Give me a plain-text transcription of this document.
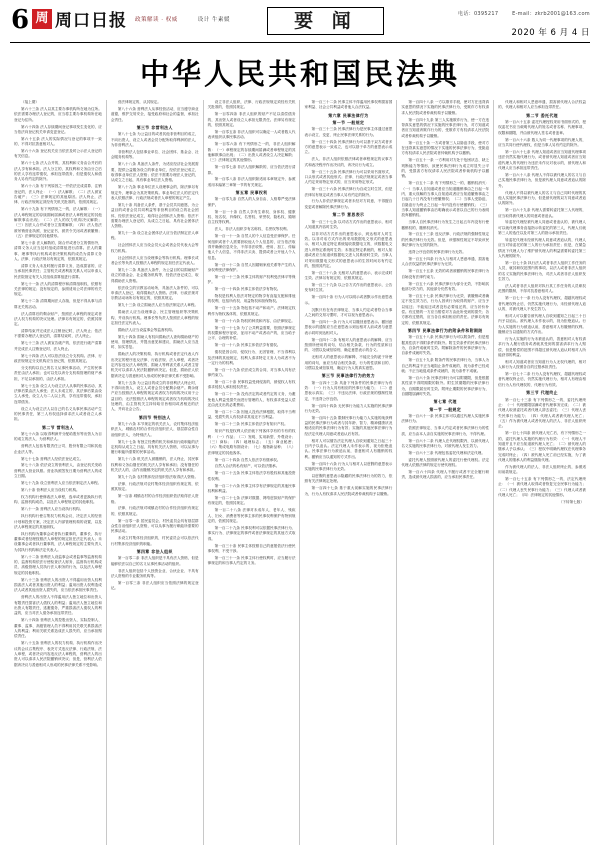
6 周 周口日报 政策解读 · 权威	设计 牛素媛	要 闻	电话：0395217	E-mail：zkrb2001@163.com
2020 年 6 月 4 日
中华人民共和国民法典
（接上期）
第六十三条 法人以其主要办事机构所在地为住所。依法需要办理法人登记的，应当将主要办事机构所在地登记为住所。
第六十四条 法人存续期间登记事项发生变化的，应当依法向登记机关申请变更登记。
第六十五条 法人的实际情况与登记的事项不一致的，不得对抗善意相对人。
第六十六条 登记机关应当依法及时公示法人登记的有关信息。
第六十七条 法人合并的，其权利和义务由合并后的法人享有和承担。法人分立的，其权利和义务由分立后的法人享有连带债权，承担连带债务，但是债权人和债务人另有约定的除外。
第六十八条 有下列原因之一并依法完成清算、注销登记的，法人终止：（一）法人解散；（二）法人被宣告破产；（三）法律规定的其他原因。法人终止，法律、行政法规规定须经有关机关批准的，依照其规定。
第六十九条 有下列情形之一的，法人解散：（一）法人章程规定的存续期间届满或者法人章程规定的其他解散事由出现；（二）法人的权力机构决议解散；（三）因法人合并或者分立需要解散；（四）法人依法被吊销营业执照、登记证书，被责令关闭或者被撤销；（五）法律规定的其他情形。
第七十条 法人解散的，除合并或者分立的情形外，清算义务人应当及时组成清算组进行清算。法人的董事、理事等执行机构或者决策机构的成员为清算义务人。法律、行政法规另有规定的，依照其规定。
清算义务人未及时履行清算义务，造成损害的，应当承担民事责任；主管机关或者利害关系人可以申请人民法院指定有关人员组成清算组进行清算。
第七十一条 法人的清算程序和清算组职权，依照有关法律的规定；没有规定的，参照适用公司法律的有关规定。
第七十二条 清算期间法人存续，但是不得从事与清算无关的活动。
法人清算后的剩余财产，按照法人章程的规定或者法人权力机构的决议处理。法律另有规定的，依照其规定。
清算结束并完成法人注销登记时，法人终止；依法不需要办理法人登记的，清算结束时，法人终止。
第七十三条 法人被宣告破产的，依法进行破产清算并完成法人注销登记时，法人终止。
第七十四条 法人可以依法设立分支机构。法律、行政法规规定分支机构应当登记的，依照其规定。
分支机构以自己的名义从事民事活动，产生的民事责任由法人承担；也可以先以该分支机构管理的财产承担，不足以承担的，由法人承担。
第七十五条 设立人为设立法人从事的民事活动，其法律后果由法人承受；法人未成立的，其法律后果由设立人承受，设立人为二人以上的，享有连带债权，承担连带债务。
设立人为设立法人以自己的名义从事民事活动产生的民事责任，第三人有权选择请求法人或者设立人承担。
第二节 营利法人
第七十六条 以取得利润并分配给股东等出资人为目的成立的法人，为营利法人。
营利法人包括有限责任公司、股份有限公司和其他企业法人等。
第七十七条 营利法人经依法登记成立。
第七十八条 依法设立的营利法人，由登记机关发给营利法人营业执照。营业执照签发日期为营利法人的成立日期。
第七十九条 设立营利法人应当依法制定法人章程。
第八十条 营利法人应当设权力机构。
权力机构行使修改法人章程，选举或者更换执行机构、监督机构成员，以及法人章程规定的其他职权。
第八十一条 营利法人应当设执行机构。
执行机构行使召集权力机构会议，决定法人的经营计划和投资方案，决定法人内部管理机构的设置，以及法人章程规定的其他职权。
执行机构为董事会或者执行董事的，董事长、执行董事或者经理按照法人章程的规定担任法定代表人；未设董事会或者执行董事的，法人章程规定的主要负责人为其执行机构和法定代表人。
第八十二条 营利法人设监事会或者监事等监督机构的，监督机构依法行使检查法人财务，监督执行机构成员、高级管理人员执行法人职务的行为，以及法人章程规定的其他职权。
第八十三条 营利法人的出资人不得滥用出资人权利损害法人或者其他出资人的利益；滥用出资人权利造成法人或者其他出资人损失的，应当依法承担民事责任。
营利法人的出资人不得滥用法人独立地位和出资人有限责任损害法人债权人的利益；滥用法人独立地位和出资人有限责任，逃避债务，严重损害法人债权人的利益的，应当对法人债务承担连带责任。
第八十四条 营利法人的控股出资人、实际控制人、董事、监事、高级管理人员不得利用其关联关系损害法人的利益；利用关联关系造成法人损失的，应当承担赔偿责任。
第八十五条 营利法人的权力机构、执行机构作出决议的会议召集程序、表决方式违反法律、行政法规、法人章程，或者决议内容违反法人章程的，营利法人的出资人可以请求人民法院撤销该决议；但是，营利法人依据该决议与善意相对人形成的民事法律关系不受影响。
营法律规定的，从其规定。
第八十六条 营利法人从事经营活动，应当遵守商业道德，维护交易安全，接受政府和社会的监督，承担社会责任。
第三节 非营利法人
第八十七条 为公益目的或者其他非营利目的成立，不向出资人、设立人或者会员分配所取得利润的法人，为非营利法人。
非营利法人包括事业单位、社会团体、基金会、社会服务机构等。
第八十八条 具备法人条件，为适应经济社会发展需要，提供公益服务设立的事业单位，经依法登记成立，取得事业单位法人资格；依法不需要办理法人登记的，从成立之日起，具有事业单位法人资格。
第八十九条 事业单位法人设理事会的，除法律另有规定外，理事会为其决策机构。事业单位法人的法定代表人依照法律、行政法规或者法人章程的规定产生。
第九十条 具备法人条件，基于会员共同意愿，为公益目的或者会员共同利益等非营利目的设立的社会团体，经依法登记成立，取得社会团体法人资格；依法不需要办理法人登记的，从成立之日起，具有社会团体法人资格。
第九十一条 设立社会团体法人应当依法制定法人章程。
社会团体法人应当设会员大会或者会员代表大会等权力机构。
社会团体法人应当设理事会等执行机构。理事长或者会长等负责人按照法人章程的规定担任法定代表人。
第九十二条 具备法人条件，为公益目的以捐助财产设立的基金会、社会服务机构等，经依法登记成立，取得捐助法人资格。
依法设立的宗教活动场所，具备法人条件的，可以申请法人登记，取得捐助法人资格。法律、行政法规对宗教活动场所另有规定的，依照其规定。
第九十三条 设立捐助法人应当依法制定法人章程。
捐助法人应当设理事会、民主管理组织等决策机构，并设执行机构。理事长等负责人按照法人章程的规定担任法定代表人。
捐助法人应当设监事会等监督机构。
第九十四条 捐助人有权向捐助法人查询捐助财产的使用、管理情况，并提出意见和建议，捐助法人应当及时、如实答复。
捐助法人的决策机构、执行机构或者法定代表人作出决定的程序违反法律、行政法规、法人章程，或者决定内容违反法人章程的，捐助人等利害关系人或者主管机关可以请求人民法院撤销该决定。但是，捐助法人依据该决定与善意相对人形成的民事法律关系不受影响。
第九十五条 为公益目的成立的非营利法人终止时，不得向出资人、设立人或者会员分配剩余财产。剩余财产应当按照法人章程的规定或者权力机构的决议用于公益目的；无法按照法人章程的规定或者权力机构的决议处理的，由主管机关主持转给宗旨相同或者相近的法人，并向社会公告。
第四节 特别法人
第九十六条 本节规定的机关法人、农村集体经济组织法人、城镇农村的合作经济组织法人、基层群众性自治组织法人，为特别法人。
第九十七条 有独立经费的机关和承担行政职能的法定机构从成立之日起，具有机关法人资格，可以从事为履行职能所需要的民事活动。
第九十八条 机关法人被撤销的，法人终止，其民事权利和义务由继任的机关法人享有和承担；没有继任的机关法人的，由作出撤销决定的机关法人享有和承担。
第九十九条 农村集体经济组织依法取得法人资格。
法律、行政法规对农村集体经济组织有规定的，依照其规定。
第一百条 城镇农村的合作经济组织依法取得法人资格。
法律、行政法规对城镇农村的合作经济组织有规定的，依照其规定。
第一百零一条 居民委员会、村民委员会具有基层群众性自治组织法人资格，可以从事为履行职能所需要的民事活动。
未设立村集体经济组织的，村民委员会可以依法代行村集体经济组织的职能。
第四章 非法人组织
第一百零二条 非法人组织是不具有法人资格，但是能够依法以自己的名义从事民事活动的组织。
非法人组织包括个人独资企业、合伙企业、不具有法人资格的专业服务机构等。
第一百零三条 非法人组织应当依照法律的规定登记。
设立非法人组织，法律、行政法规规定须经有关机关批准的，依照其规定。
第一百零四条 非法人组织的财产不足以清偿债务的，其出资人或者设立人承担无限责任。法律另有规定的，依照其规定。
第一百零五条 非法人组织可以确定一人或者数人代表该组织从事民事活动。
第一百零六条 有下列情形之一的，非法人组织解散：（一）章程规定的存续期间届满或者章程规定的其他解散事由出现；（二）出资人或者设立人决定解散；（三）法律规定的其他情形。
第一百零七条 非法人组织解散的，应当依法进行清算。
第一百零八条 非法人组织除适用本章规定外，参照适用本编第三章第一节的有关规定。
第五章 民事权利
第一百零九条 自然人的人身自由、人格尊严受法律保护。
第一百一十条 自然人享有生命权、身体权、健康权、姓名权、肖像权、名誉权、荣誉权、隐私权、婚姻自主权等权利。
法人、非法人组织享有名称权、名誉权等权利。
第一百一十一条 自然人的个人信息受法律保护。任何组织或者个人需要获取他人个人信息的，应当依法取得并确保信息安全，不得非法收集、使用、加工、传输他人个人信息，不得非法买卖、提供或者公开他人个人信息。
第一百一十二条 自然人因婚姻家庭关系等产生的人身权利受法律保护。
第一百一十三条 民事主体的财产权利受法律平等保护。
第一百一十四条 民事主体依法享有物权。
物权是权利人依法对特定的物享有直接支配和排他的权利，包括所有权、用益物权和担保物权。
第一百一十五条 物包括不动产和动产。法律规定权利作为物权客体的，依照其规定。
第一百一十六条 物权的种类和内容，由法律规定。
第一百一十七条 为了公共利益需要，依照法律规定的权限和程序征收、征用不动产或者动产的，应当给予公平、合理的补偿。
第一百一十八条 民事主体依法享有债权。
债权是因合同、侵权行为、无因管理、不当得利以及法律的其他规定，权利人请求特定义务人为或者不为一定行为的权利。
第一百一十九条 依法成立的合同，对当事人具有法律约束力。
第一百二十条 民事权益受到侵害的，被侵权人有权请求侵权人承担侵权责任。
第一百二十一条 没有法定的或者约定的义务，为避免他人利益受损失而进行管理的人，有权请求受益人偿还由此支出的必要费用。
第一百二十二条 因他人没有法律根据，取得不当利益，受损失的人有权请求其返还不当利益。
第一百二十三条 民事主体依法享有知识产权。
知识产权是权利人依法就下列客体享有的专有的权利：（一）作品；（二）发明、实用新型、外观设计；（三）商标；（四）地理标志；（五）商业秘密；（六）集成电路布图设计；（七）植物新品种；（八）法律规定的其他客体。
第一百二十四条 自然人依法享有继承权。
自然人合法的私有财产，可以依法继承。
第一百二十五条 民事主体依法享有股权和其他投资性权利。
第一百二十六条 民事主体享有法律规定的其他民事权利和利益。
第一百二十七条 法律对数据、网络虚拟财产的保护有规定的，依照其规定。
第一百二十八条 法律对未成年人、老年人、残疾人、妇女、消费者等民事主体的民事权利保护有特别规定的，依照其规定。
第一百二十九条 民事权利可以依据民事法律行为、事实行为、法律规定的事件或者法律规定的其他方式取得。
第一百三十条 民事主体按照自己的意愿依法行使民事权利，不受干涉。
第一百三十一条 民事主体行使权利时，应当履行法律规定的和当事人约定的义务。
第一百三十二条 民事主体不得滥用民事权利损害国家利益、社会公共利益或者他人合法权益。
第六章 民事法律行为
第一节 一般规定
第一百三十三条 民事法律行为是民事主体通过意思表示设立、变更、终止民事法律关系的行为。
第一百三十四条 民事法律行为可以基于双方或者多方的意思表示一致成立，也可以基于单方的意思表示成立。
法人、非法人组织依照法律或者章程规定的议事方式和表决程序作出决议的，该决议行为成立。
第一百三十五条 民事法律行为可以采用书面形式、口头形式或者其他形式；法律、行政法规规定或者当事人约定采用特定形式的，应当采用特定形式。
第一百三十六条 民事法律行为自成立时生效，但是法律另有规定或者当事人另有约定的除外。
行为人非依法律规定或者未经对方同意，不得擅自变更或者解除民事法律行为。
第二节 意思表示
第一百三十七条 以对话方式作出的意思表示，相对人知道其内容时生效。
以非对话方式作出的意思表示，到达相对人时生效。以非对话方式作出的采用数据电文形式的意思表示，相对人指定特定系统接收数据电文的，该数据电文进入该特定系统时生效；未指定特定系统的，相对人知道或者应当知道该数据电文进入其系统时生效。当事人对采用数据电文形式的意思表示的生效时间另有约定的，按照其约定。
第一百三十八条 无相对人的意思表示，表示完成时生效。法律另有规定的，依照其规定。
第一百三十九条 以公告方式作出的意思表示，公告发布时生效。
第一百四十条 行为人可以明示或者默示作出意思表示。
沉默只有在有法律规定、当事人约定或者符合当事人之间的交易习惯时，才可以视为意思表示。
第一百四十一条 行为人可以撤回意思表示。撤回意思表示的通知应当在意思表示到达相对人前或者与意思表示同时到达相对人。
第一百四十二条 有相对人的意思表示的解释，应当按照所使用的词句，结合相关条款、行为的性质和目的、习惯以及诚信原则，确定意思表示的含义。
无相对人的意思表示的解释，不能完全拘泥于所使用的词句，而应当结合相关条款、行为的性质和目的、习惯以及诚信原则，确定行为人的真实意思。
第三节 民事法律行为的效力
第一百四十三条 具备下列条件的民事法律行为有效：（一）行为人具有相应的民事行为能力；（二）意思表示真实；（三）不违反法律、行政法规的强制性规定，不违背公序良俗。
第一百四十四条 无民事行为能力人实施的民事法律行为无效。
第一百四十五条 限制民事行为能力人实施的纯获利益的民事法律行为或者与其年龄、智力、精神健康状况相适应的民事法律行为有效；实施的其他民事法律行为经法定代理人同意或者追认后有效。
相对人可以催告法定代理人自收到通知之日起三十日内予以追认。法定代理人未作表示的，视为拒绝追认。民事法律行为被追认前，善意相对人有撤销的权利。撤销应当以通知的方式作出。
第一百四十六条 行为人与相对人以虚假的意思表示实施的民事法律行为无效。
以虚假的意思表示隐藏的民事法律行为的效力，依照有关法律规定处理。
第一百四十七条 基于重大误解实施的民事法律行为，行为人有权请求人民法院或者仲裁机构予以撤销。
第一百四十八条 一方以欺诈手段，使对方在违背真实意思的情况下实施的民事法律行为，受欺诈方有权请求人民法院或者仲裁机构予以撤销。
第一百四十九条 第三人实施欺诈行为，使一方在违背真实意思的情况下实施的民事法律行为，对方知道或者应当知道该欺诈行为的，受欺诈方有权请求人民法院或者仲裁机构予以撤销。
第一百五十条 一方或者第三人以胁迫手段，使对方在违背真实意思的情况下实施的民事法律行为，受胁迫方有权请求人民法院或者仲裁机构予以撤销。
第一百五十一条 一方利用对方处于危困状态、缺乏判断能力等情形，致使民事法律行为成立时显失公平的，受损害方有权请求人民法院或者仲裁机构予以撤销。
第一百五十二条 有下列情形之一的，撤销权消灭：（一）当事人自知道或者应当知道撤销事由之日起一年内、重大误解的当事人自知道或者应当知道撤销事由之日起九十日内没有行使撤销权；（二）当事人受胁迫，自胁迫行为终止之日起一年内没有行使撤销权；（三）当事人知道撤销事由后明确表示或者以自己的行为表明放弃撤销权。
当事人自民事法律行为发生之日起五年内没有行使撤销权的，撤销权消灭。
第一百五十三条 违反法律、行政法规的强制性规定的民事法律行为无效。但是，该强制性规定不导致该民事法律行为无效的除外。
违背公序良俗的民事法律行为无效。
第一百五十四条 行为人与相对人恶意串通，损害他人合法权益的民事法律行为无效。
第一百五十五条 无效的或者被撤销的民事法律行为自始没有法律约束力。
第一百五十六条 民事法律行为部分无效，不影响其他部分效力的，其他部分仍然有效。
第一百五十七条 民事法律行为无效、被撤销或者确定不发生效力后，行为人因该行为取得的财产，应当予以返还；不能返还或者没有必要返还的，应当折价补偿。有过错的一方应当赔偿对方由此所受到的损失；各方都有过错的，应当各自承担相应的责任。法律另有规定的，依照其规定。
第四节 民事法律行为的附条件和附期限
第一百五十八条 民事法律行为可以附条件，但是根据其性质不得附条件的除外。附生效条件的民事法律行为，自条件成就时生效。附解除条件的民事法律行为，自条件成就时失效。
第一百五十九条 附条件的民事法律行为，当事人为自己的利益不正当地阻止条件成就的，视为条件已经成就；不正当地促成条件成就的，视为条件不成就。
第一百六十条 民事法律行为可以附期限，但是根据其性质不得附期限的除外。附生效期限的民事法律行为，自期限届至时生效。附终止期限的民事法律行为，自期限届满时失效。
第七章 代理
第一节 一般规定
第一百六十一条 民事主体可以通过代理人实施民事法律行为。
依照法律规定、当事人约定或者民事法律行为的性质，应当由本人亲自实施的民事法律行为，不得代理。
第一百六十二条 代理人在代理权限内，以被代理人名义实施的民事法律行为，对被代理人发生效力。
第一百六十三条 代理包括委托代理和法定代理。
委托代理人按照被代理人的委托行使代理权。法定代理人依照法律的规定行使代理权。
第一百六十四条 代理人不履行或者不完全履行职责，造成被代理人损害的，应当承担民事责任。
代理人和相对人恶意串通，损害被代理人合法权益的，代理人和相对人应当承担连带责任。
第二节 委托代理
第一百六十五条 委托代理授权采用书面形式的，授权委托书应当载明代理人的姓名或者名称、代理事项、权限和期限，并由被代理人签名或者盖章。
第一百六十六条 数人为同一代理事项的代理人的，应当共同行使代理权，但是当事人另有约定的除外。
第一百六十七条 代理人知道或者应当知道代理事项违法仍然实施代理行为，或者被代理人知道或者应当知道代理人的代理行为违法未作反对表示的，被代理人和代理人应当承担连带责任。
第一百六十八条 代理人不得以被代理人的名义与自己实施民事法律行为，但是被代理人同意或者追认的除外。
代理人不得以被代理人的名义与自己同时代理的其他人实施民事法律行为，但是被代理的双方同意或者追认的除外。
第一百六十九条 代理人需要转委托第三人代理的，应当取得被代理人的同意或者追认。
转委托代理经被代理人同意或者追认的，被代理人可以就代理事务直接指示转委托的第三人，代理人仅就第三人的选任以及对第三人的指示承担责任。
转委托代理未经被代理人同意或者追认的，代理人应当对转委托的第三人的行为承担责任；但是，在紧急情况下代理人为了维护被代理人的利益需要转委托第三人代理的除外。
第一百七十条 执行法人或者非法人组织工作任务的人员，就其职权范围内的事项，以法人或者非法人组织的名义实施的民事法律行为，对法人或者非法人组织发生效力。
法人或者非法人组织对执行其工作任务的人员职权范围的限制，不得对抗善意相对人。
第一百七十一条 行为人没有代理权、超越代理权或者代理权终止后，仍然实施代理行为，未经被代理人追认的，对被代理人不发生效力。
相对人可以催告被代理人自收到通知之日起三十日内予以追认。被代理人未作表示的，视为拒绝追认。行为人实施的行为被追认前，善意相对人有撤销的权利。撤销应当以通知的方式作出。
行为人实施的行为未被追认的，善意相对人有权请求行为人履行债务或者就其受到的损害请求行为人赔偿，但是赔偿的范围不得超过被代理人追认时相对人所能获得的利益。
相对人知道或者应当知道行为人无权代理的，相对人和行为人按照各自的过错承担责任。
第一百七十二条 行为人没有代理权、超越代理权或者代理权终止后，仍然实施代理行为，相对人有理由相信行为人有代理权的，代理行为有效。
第三节 代理终止
第一百七十三条 有下列情形之一的，委托代理终止：（一）代理期限届满或者代理事务完成；（二）被代理人取消委托或者代理人辞去委托；（三）代理人丧失民事行为能力；（四）代理人或者被代理人死亡；（五）作为被代理人或者代理人的法人、非法人组织终止。
第一百七十四条 被代理人死亡后，有下列情形之一的，委托代理人实施的代理行为有效：（一）代理人不知道并且不应当知道被代理人死亡；（二）被代理人的继承人予以承认；（三）授权中明确代理权在代理事务完成时终止；（四）被代理人死亡前已经实施，为了被代理人的继承人的利益继续代理。
作为被代理人的法人、非法人组织终止的，参照适用前款规定。
第一百七十五条 有下列情形之一的，法定代理终止：（一）被代理人取得或者恢复完全民事行为能力；（二）代理人丧失民事行为能力；（三）代理人或者被代理人死亡；（四）法律规定的其他情形。
（下转第七版）
